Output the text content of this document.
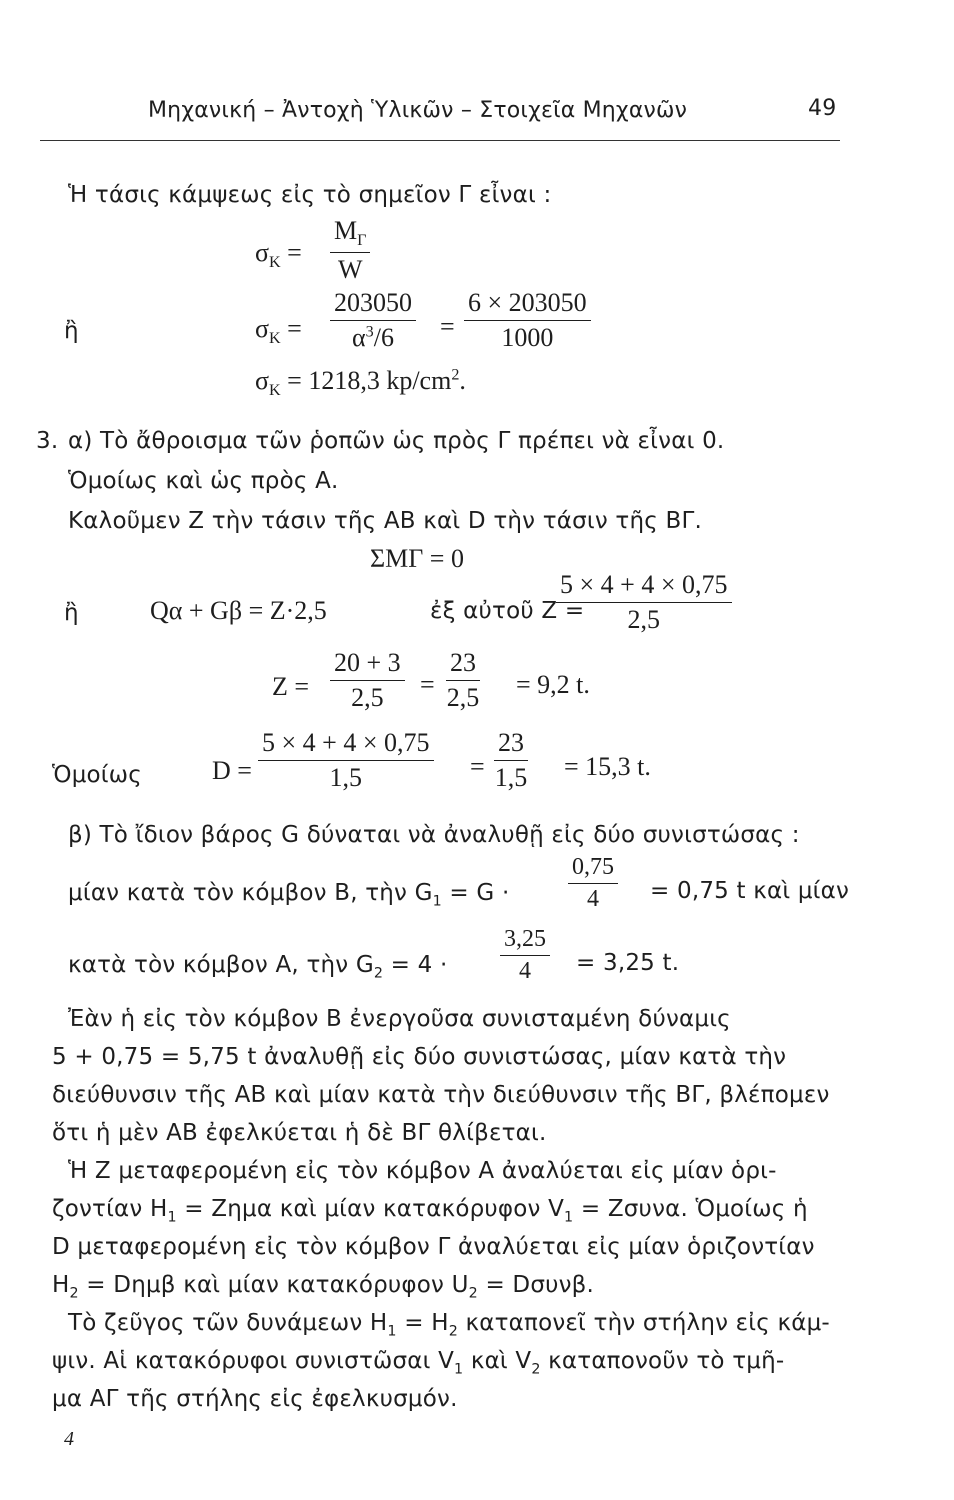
Μηχανική – Ἀντοχὴ Ὑλικῶν – Στοιχεῖα Μηχανῶν	49
Ἡ τάσις κάμψεως εἰς τὸ σημεῖον Γ εἶναι :
$\sigma_K = \frac{M_\Gamma}{W}$
ἢ	$\sigma_K = \frac{203050}{\alpha^3/6} = \frac{6 \times 203050}{1000}$
$\sigma_K = 1218,3$ $kp/cm^2$.
3. α) Τὸ ἄθροισμα τῶν ῥοπῶν ὡς πρὸς Γ πρέπει νὰ εἶναι 0.
Ὁμοίως καὶ ὡς πρὸς Α.
Καλοῦμεν Z τὴν τάσιν τῆς ΑΒ καὶ D τὴν τάσιν τῆς ΒΓ.
ΣΜΓ = 0
ἢ	Qα + Gβ = Z·2,5	ἐξ αὐτοῦ Z =
$\frac{5 \times 4 + 4 \times 0,75}{2,5}$
$Z = \frac{20 + 3}{2,5} = \frac{23}{2,5} = 9,2$ t.
Ὁμοίως	$D = \frac{5 \times 4 + 4 \times 0,75}{1,5} = \frac{23}{1,5} = 15,3$ t.
β) Τὸ ἴδιον βάρος G δύναται νὰ ἀναλυθῇ εἰς δύο συνιστώσας :
μίαν κατὰ τὸν κόμβον Β, τὴν $G_1 = G \cdot \frac{0,75}{4} = 0,75$ t καὶ μίαν
κατὰ τὸν κόμβον Α, τὴν $G_2 = 4 \cdot \frac{3,25}{4} = 3,25$ t.
Ἐὰν ἡ εἰς τὸν κόμβον Β ἐνεργοῦσα συνισταμένη δύναμις
5 + 0,75 = 5,75 t ἀναλυθῇ εἰς δύο συνιστώσας, μίαν κατὰ τὴν
διεύθυνσιν τῆς ΑΒ καὶ μίαν κατὰ τὴν διεύθυνσιν τῆς ΒΓ, βλέπομεν
ὅτι ἡ μὲν ΑΒ ἐφελκύεται ἡ δὲ ΒΓ θλίβεται.
Ἡ Z μεταφερομένη εἰς τὸν κόμβον Α ἀναλύεται εἰς μίαν ὁρι-
ζοντίαν $H_1 = Z\eta\mu\alpha$ καὶ μίαν κατακόρυφον $V_1 = Z\sigma\upsilon\nu\alpha$. Ὁμοίως ἡ
D μεταφερομένη εἰς τὸν κόμβον Γ ἀναλύεται εἰς μίαν ὁριζοντίαν
$H_2 = D\eta\mu\beta$ καὶ μίαν κατακόρυφον $U_2 = D\sigma\upsilon\nu\beta$.
Τὸ ζεῦγος τῶν δυνάμεων $H_1 = H_2$ καταπονεῖ τὴν στήλην εἰς κάμ-
ψιν. Αἱ κατακόρυφοι συνιστῶσαι $V_1$ καὶ $V_2$ καταπονοῦν τὸ τμῆ-
μα ΑΓ τῆς στήλης εἰς ἐφελκυσμόν.
4
